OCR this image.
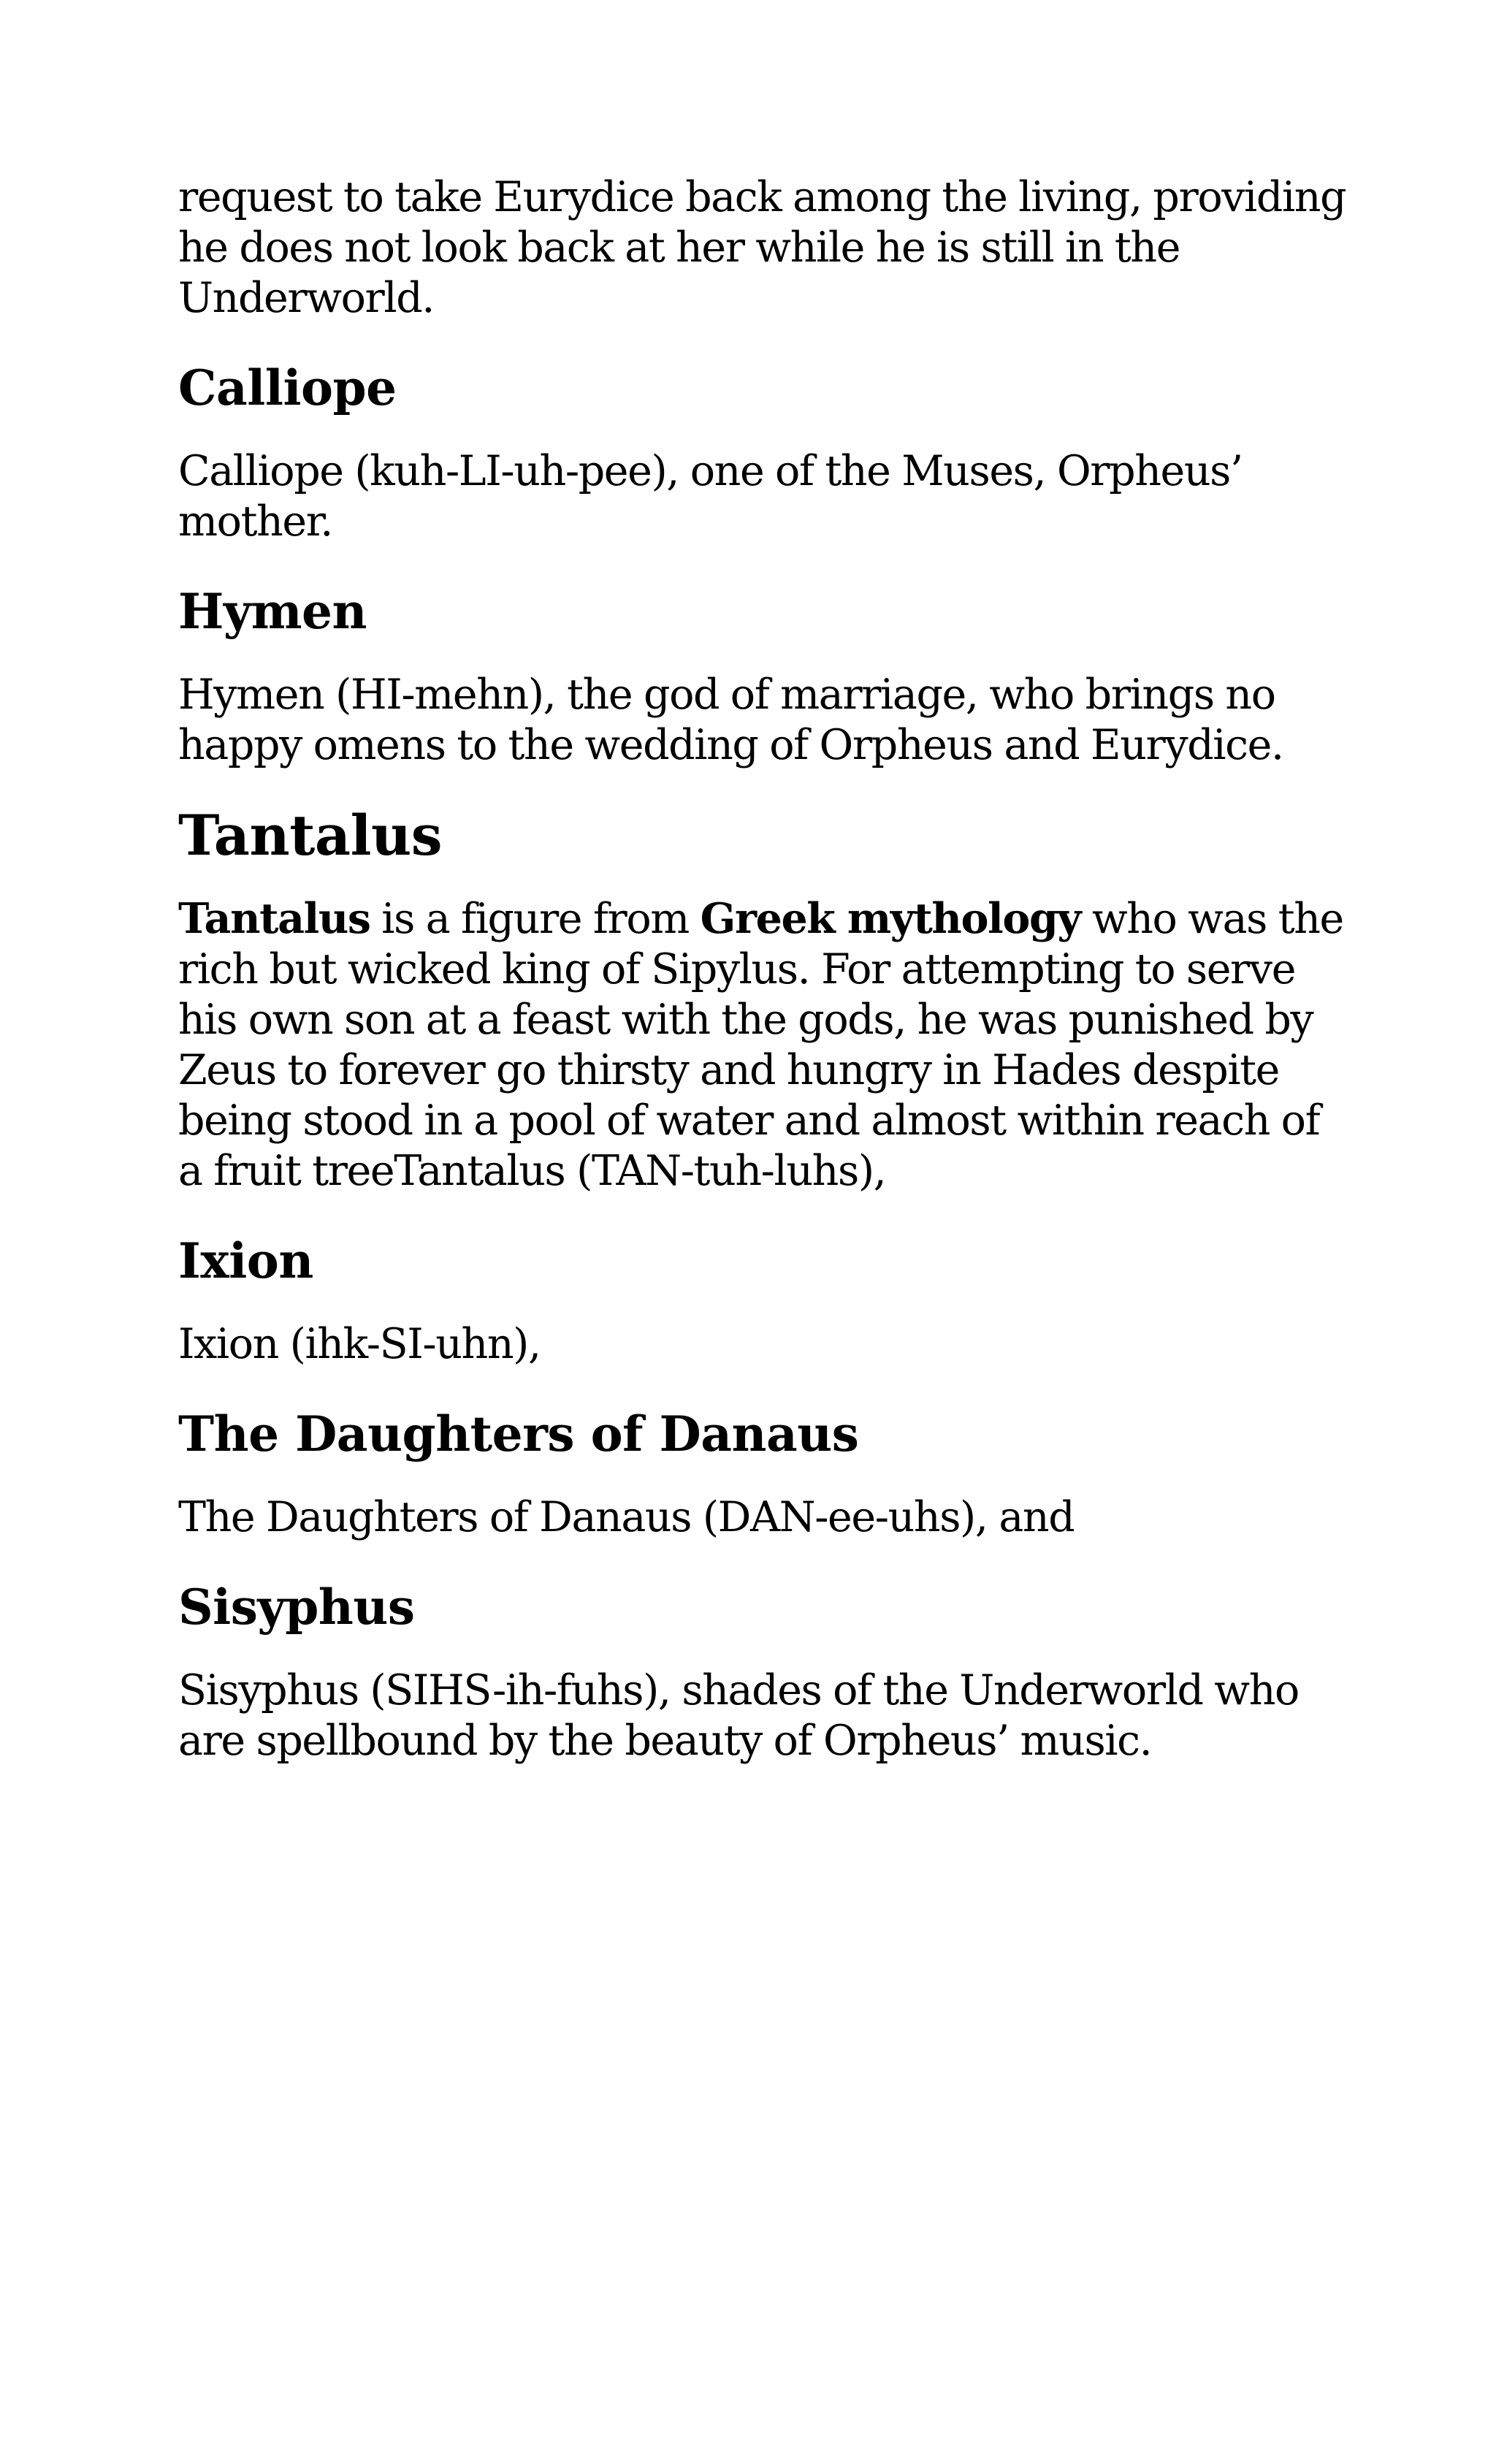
request to take Eurydice back among the living, providing he does not look back at her while he is still in the Underworld.

Calliope

Calliope (kuh-LI-uh-pee), one of the Muses, Orpheus’ mother.

Hymen

Hymen (HI-mehn), the god of marriage, who brings no happy omens to the wedding of Orpheus and Eurydice.

Tantalus

Tantalus is a figure from Greek mythology who was the rich but wicked king of Sipylus. For attempting to serve his own son at a feast with the gods, he was punished by Zeus to forever go thirsty and hungry in Hades despite being stood in a pool of water and almost within reach of a fruit treeTantalus (TAN-tuh-luhs),

Ixion

Ixion (ihk-SI-uhn),

The Daughters of Danaus

The Daughters of Danaus (DAN-ee-uhs), and

Sisyphus

Sisyphus (SIHS-ih-fuhs), shades of the Underworld who are spellbound by the beauty of Orpheus’ music.
